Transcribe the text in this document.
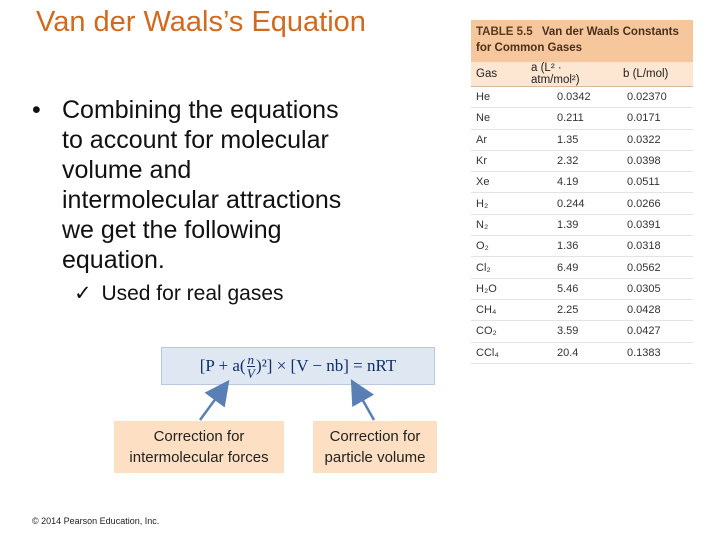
Van der Waals’s Equation
• Combining the equations to account for molecular volume and intermolecular attractions we get the following equation.
✓ Used for real gases
TABLE 5.5 Van der Waals Constants for Common Gases
Gas	a (L² · atm/mol²)	b (L/mol)
He	0.0342	0.02370
Ne	0.211	0.0171
Ar	1.35	0.0322
Kr	2.32	0.0398
Xe	4.19	0.0511
H₂	0.244	0.0266
N₂	1.39	0.0391
O₂	1.36	0.0318
Cl₂	6.49	0.0562
H₂O	5.46	0.0305
CH₄	2.25	0.0428
CO₂	3.59	0.0427
CCl₄	20.4	0.1383
$[P + a( \frac{n}{V} )^2] \times [V - nb]$ = nRT
Correction for intermolecular forces
Correction for particle volume
© 2014 Pearson Education, Inc.
